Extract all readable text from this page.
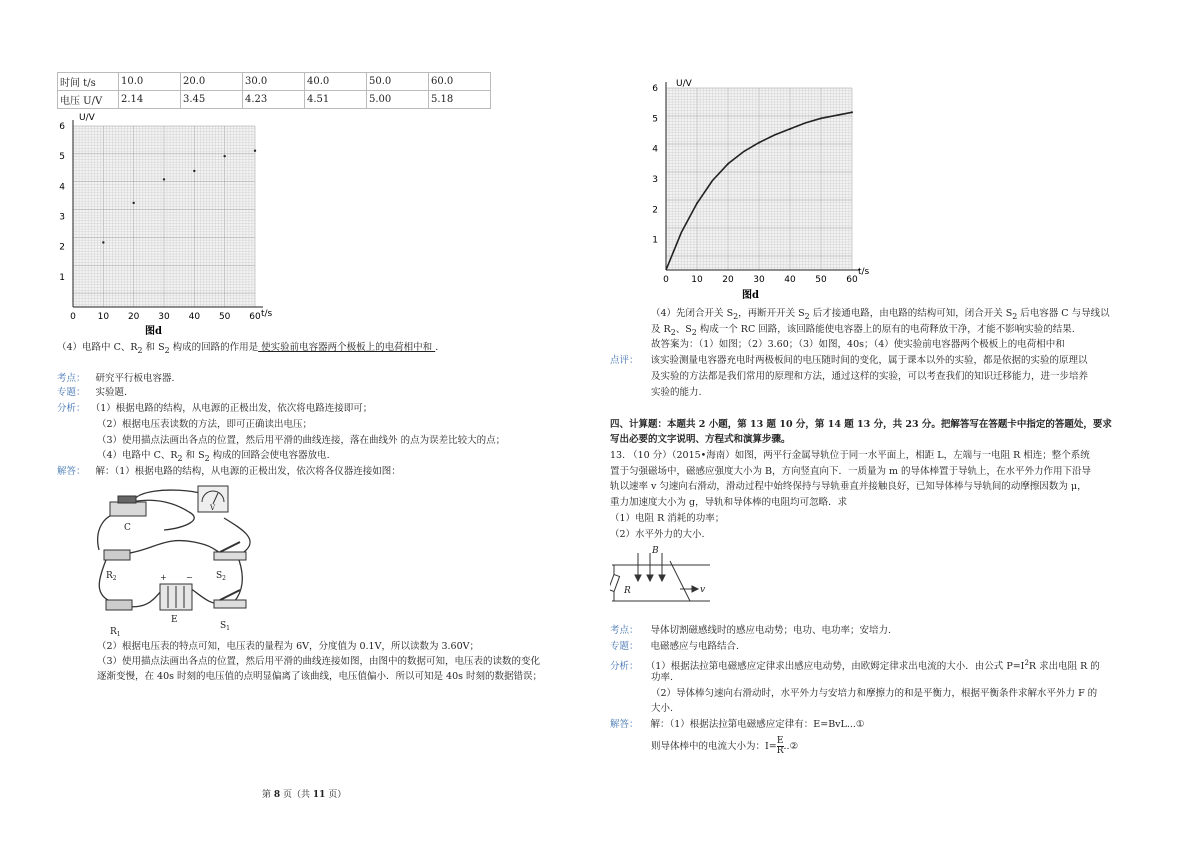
时间 t/s	10.0	20.0	30.0	40.0	50.0	60.0
电压 U/V	2.14	3.45	4.23	4.51	5.00	5.18
1
2
3
4
5
6
0 10 20 30 40 50 60
U/V
t/s
图d
（4）电路中 C、$R_2$ 和 $S_2$ 构成的回路的作用是 使实验前电容器两个极板上的电荷相中和 .
考点： 研究平行板电容器.
专题： 实验题.
分析： （1）根据电路的结构，从电源的正极出发，依次将电路连接即可；
（2）根据电压表读数的方法，即可正确读出电压；
（3）使用描点法画出各点的位置，然后用平滑的曲线连接，落在曲线外 的点为误差比较大的点；
（4）电路中 C、$R_2$ 和 $S_2$ 构成的回路会使电容器放电.
解答： 解：（1）根据电路的结构，从电源的正极出发，依次将各仪器连接如图：
C
V
$R_2$	$S_2$
+ −
E
$R_1$
$S_1$
（2）根据电压表的特点可知，电压表的量程为 6V，分度值为 0.1V，所以读数为 3.60V；
（3）使用描点法画出各点的位置，然后用平滑的曲线连接如图，由图中的数据可知，电压表的读数的变化
逐渐变慢，在 40s 时刻的电压值的点明显偏离了该曲线，电压值偏小．所以可知是 40s 时刻的数据错误；
第 8 页（共 11 页）
1
2
3
4
5
6
0 10 20 30 40 50 60
U/V
t/s
图d
（4）先闭合开关 $S_2$，再断开开关 $S_2$ 后才接通电路，由电路的结构可知，闭合开关 $S_2$ 后电容器 C 与导线以
及 $R_2$、$S_2$ 构成一个 RC 回路，该回路能使电容器上的原有的电荷释放干净，才能不影响实验的结果.
故答案为：（1）如图；（2）3.60；（3）如图，40s；（4）使实验前电容器两个极板上的电荷相中和
点评： 该实验测量电容器充电时两极板间的电压随时间的变化，属于课本以外的实验，都是依据的实验的原理以
及实验的方法都是我们常用的原理和方法，通过这样的实验，可以考查我们的知识迁移能力，进一步培养
实验的能力.
四、计算题：本题共 2 小题，第 13 题 10 分，第 14 题 13 分，共 23 分。把解答写在答题卡中指定的答题处，要求
写出必要的文字说明、方程式和演算步骤。
13. （10 分）（2015•海南）如图，两平行金属导轨位于同一水平面上，相距 L，左端与一电阻 R 相连；整个系统
置于匀强磁场中，磁感应强度大小为 B，方向竖直向下．一质量为 m 的导体棒置于导轨上，在水平外力作用下沿导
轨以速率 v 匀速向右滑动，滑动过程中始终保持与导轨垂直并接触良好，已知导体棒与导轨间的动摩擦因数为 μ，
重力加速度大小为 g，导轨和导体棒的电阻均可忽略．求
（1）电阻 R 消耗的功率；
（2）水平外力的大小.
B
R	v
考点： 导体切割磁感线时的感应电动势；电功、电功率；安培力.
专题： 电磁感应与电路结合.
分析： （1）根据法拉第电磁感应定律求出感应电动势，由欧姆定律求出电流的大小．由公式 $P=I^2R$ 求出电阻 R 的
功率.
（2）导体棒匀速向右滑动时，水平外力与安培力和摩擦力的和是平衡力，根据平衡条件求解水平外力 F 的
大小.
解答： 解：（1）根据法拉第电磁感应定律有：E=BvL...①
则导体棒中的电流大小为：$I= \frac{E}{R}$ ..②
